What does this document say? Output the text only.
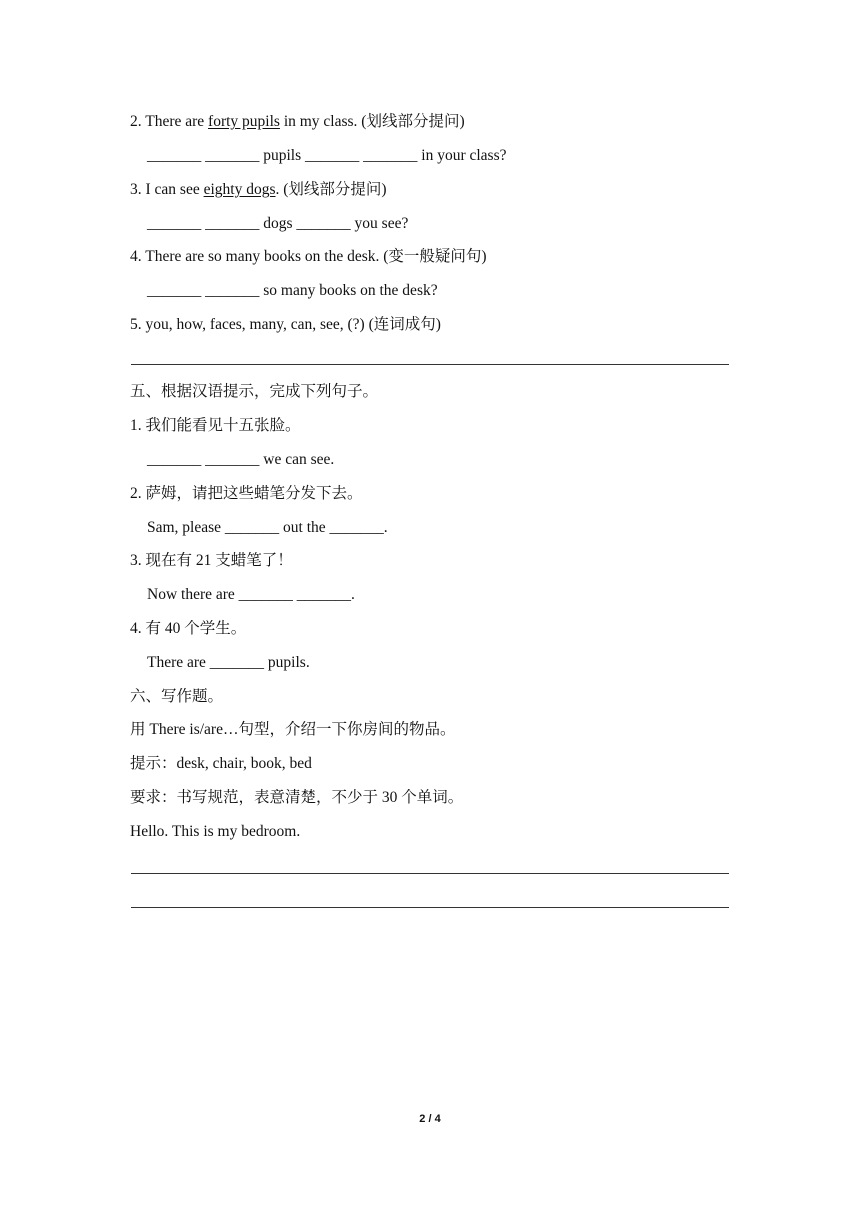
2. There are forty pupils in my class. (划线部分提问)
_______ _______ pupils _______ _______ in your class?
3. I can see eighty dogs. (划线部分提问)
_______ _______ dogs _______ you see?
4. There are so many books on the desk. (变一般疑问句)
_______ _______ so many books on the desk?
5. you, how, faces, many, can, see, (?) (连词成句)
五、根据汉语提示，完成下列句子。
1. 我们能看见十五张脸。
_______ _______ we can see.
2. 萨姆，请把这些蜡笔分发下去。
Sam, please _______ out the _______.
3. 现在有 21 支蜡笔了！
Now there are _______ _______.
4. 有 40 个学生。
There are _______ pupils.
六、写作题。
用 There is/are…句型，介绍一下你房间的物品。
提示：desk, chair, book, bed
要求：书写规范，表意清楚，不少于 30 个单词。
Hello. This is my bedroom.
2 / 4
